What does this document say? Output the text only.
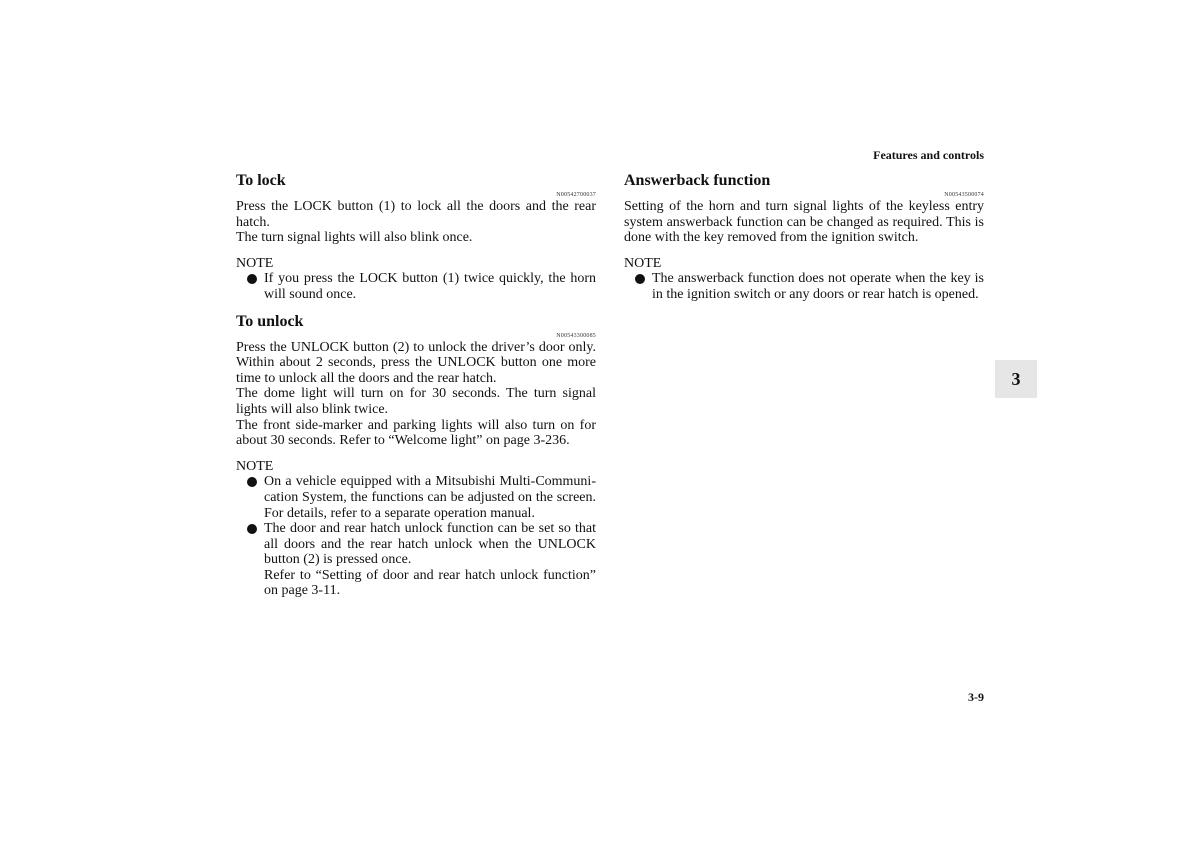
Features and controls
To lock
N00542700037

Press the LOCK button (1) to lock all the doors and the rear hatch.

The turn signal lights will also blink once.

NOTE
If you press the LOCK button (1) twice quickly, the horn will sound once.
To unlock
N00543300085

Press the UNLOCK button (2) to unlock the driver’s door only. Within about 2 seconds, press the UNLOCK button one more time to unlock all the doors and the rear hatch.

The dome light will turn on for 30 seconds. The turn signal lights will also blink twice.

The front side-marker and parking lights will also turn on for about 30 seconds. Refer to “Welcome light” on page 3-236.

NOTE
On a vehicle equipped with a Mitsubishi Multi-Communi-cation System, the functions can be adjusted on the screen. For details, refer to a separate operation manual.
The door and rear hatch unlock function can be set so that all doors and the rear hatch unlock when the UNLOCK button (2) is pressed once.
Refer to “Setting of door and rear hatch unlock function” on page 3-11.
Answerback function
N00543500074

Setting of the horn and turn signal lights of the keyless entry system answerback function can be changed as required. This is done with the key removed from the ignition switch.

NOTE
The answerback function does not operate when the key is in the ignition switch or any doors or rear hatch is opened.
3
3-9
